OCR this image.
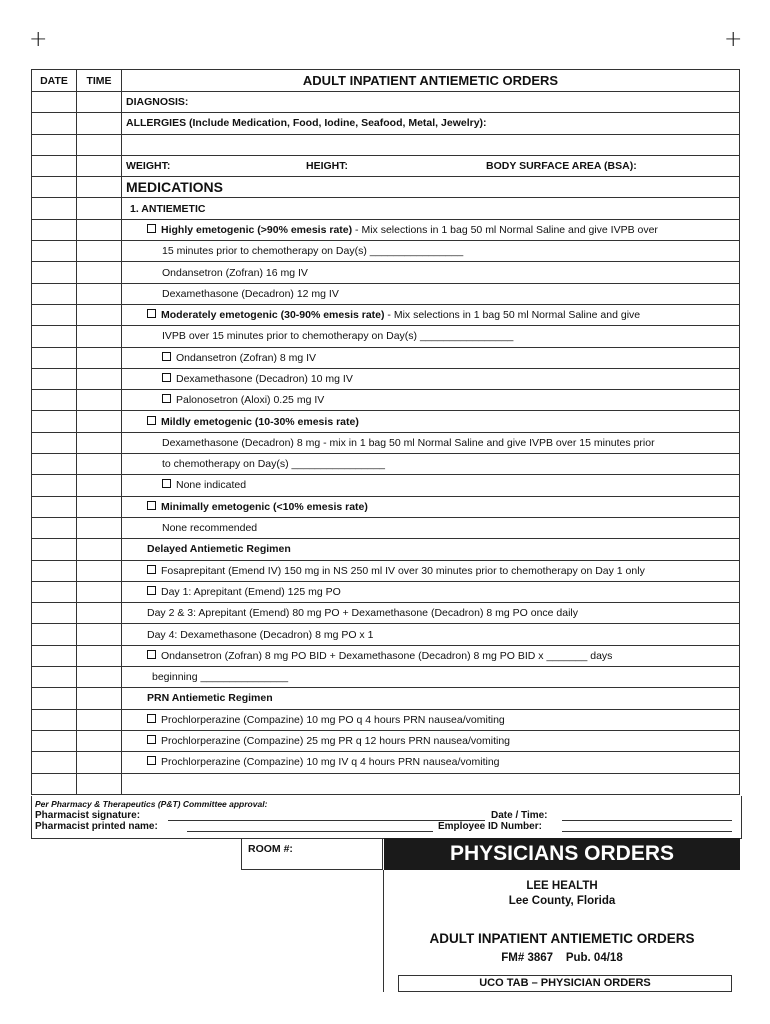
+	+
DATE	TIME	ADULT INPATIENT ANTIEMETIC ORDERS
		DIAGNOSIS:
		ALLERGIES (Include Medication, Food, Iodine, Seafood, Metal, Jewelry):

		WEIGHT: HEIGHT: BODY SURFACE AREA (BSA):

		MEDICATIONS
		1. ANTIEMETIC
		Highly emetogenic (>90% emesis rate) - Mix selections in 1 bag 50 ml Normal Saline and give IVPB over
		15 minutes prior to chemotherapy on Day(s) ________________
		Ondansetron (Zofran) 16 mg IV
		Dexamethasone (Decadron) 12 mg IV
		Moderately emetogenic (30-90% emesis rate) - Mix selections in 1 bag 50 ml Normal Saline and give
		IVPB over 15 minutes prior to chemotherapy on Day(s) ________________
		Ondansetron (Zofran) 8 mg IV
		Dexamethasone (Decadron) 10 mg IV
		Palonosetron (Aloxi) 0.25 mg IV
		Mildly emetogenic (10-30% emesis rate)
		Dexamethasone (Decadron) 8 mg - mix in 1 bag 50 ml Normal Saline and give IVPB over 15 minutes prior
		to chemotherapy on Day(s) ________________
		None indicated
		Minimally emetogenic (<10% emesis rate)
		None recommended
		Delayed Antiemetic Regimen
		Fosaprepitant (Emend IV) 150 mg in NS 250 ml IV over 30 minutes prior to chemotherapy on Day 1 only
		Day 1: Aprepitant (Emend) 125 mg PO
		Day 2 & 3: Aprepitant (Emend) 80 mg PO + Dexamethasone (Decadron) 8 mg PO once daily
		Day 4: Dexamethasone (Decadron) 8 mg PO x 1
		Ondansetron (Zofran) 8 mg PO BID + Dexamethasone (Decadron) 8 mg PO BID x _______ days
		beginning _______________
		PRN Antiemetic Regimen
		Prochlorperazine (Compazine) 10 mg PO q 4 hours PRN nausea/vomiting
		Prochlorperazine (Compazine) 25 mg PR q 12 hours PRN nausea/vomiting
		Prochlorperazine (Compazine) 10 mg IV q 4 hours PRN nausea/vomiting

Per Pharmacy & Therapeutics (P&T) Committee approval:
Pharmacist signature:	Date / Time:
Pharmacist printed name:	Employee ID Number:
ROOM #:	PHYSICIANS ORDERS
LEE HEALTH
Lee County, Florida
ADULT INPATIENT ANTIEMETIC ORDERS
FM# 3867    Pub. 04/18
UCO TAB – PHYSICIAN ORDERS
